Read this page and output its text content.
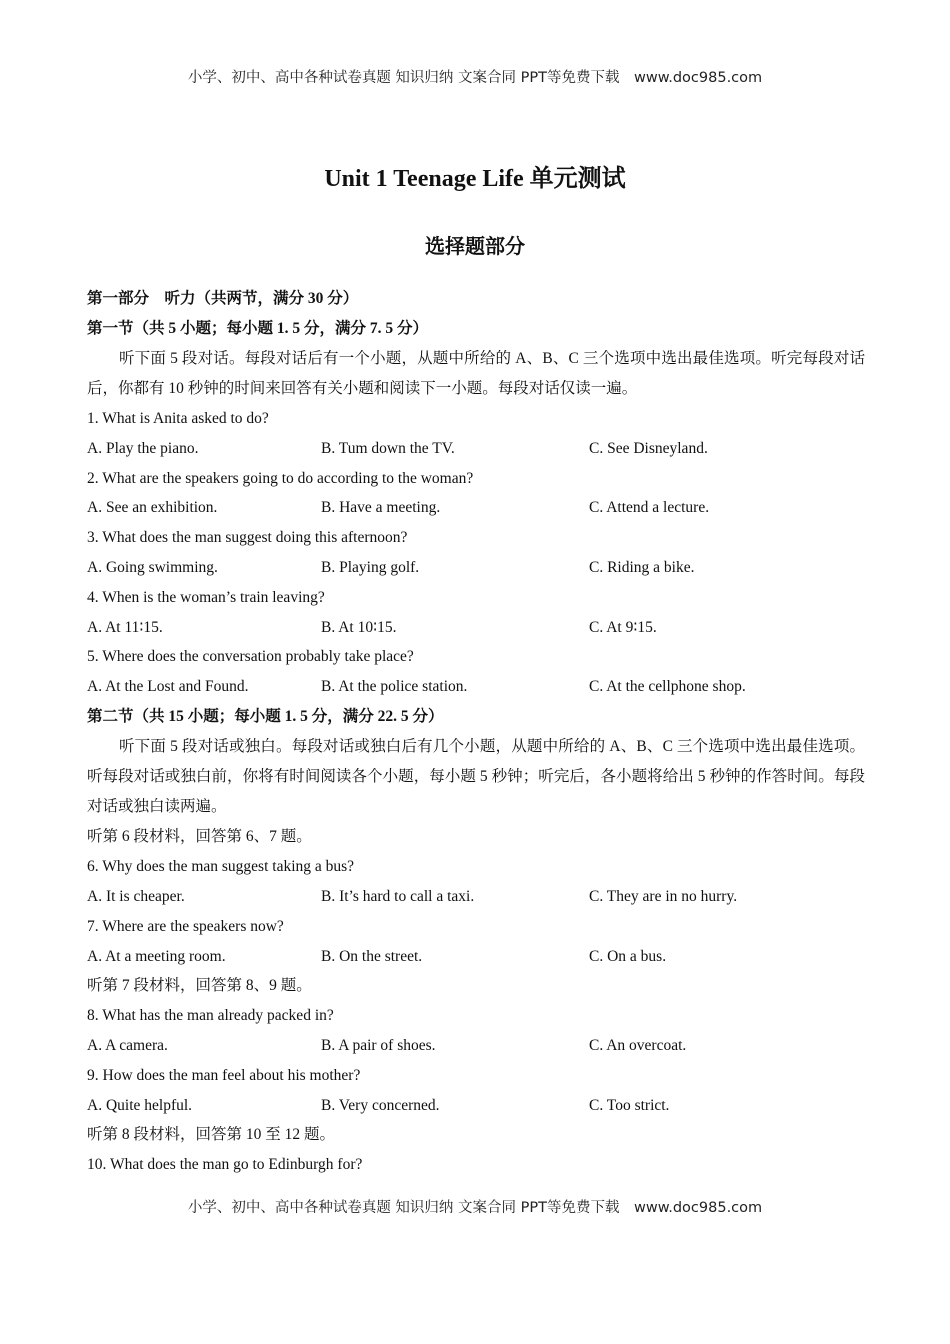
小学、初中、高中各种试卷真题 知识归纳 文案合同 PPT等免费下载　www.doc985.com
Unit 1 Teenage Life 单元测试
选择题部分
第一部分　听力（共两节，满分 30 分）
第一节（共 5 小题；每小题 1. 5 分，满分 7. 5 分）
听下面 5 段对话。每段对话后有一个小题，从题中所给的 A、B、C 三个选项中选出最佳选项。听完每段对话后，你都有 10 秒钟的时间来回答有关小题和阅读下一小题。每段对话仅读一遍。
1. What is Anita asked to do?
A. Play the piano.	B. Tum down the TV.	C. See Disneyland.
2. What are the speakers going to do according to the woman?
A. See an exhibition.	B. Have a meeting.	C. Attend a lecture.
3. What does the man suggest doing this afternoon?
A. Going swimming.	B. Playing golf.	C. Riding a bike.
4. When is the woman’s train leaving?
A. At 11∶15.	B. At 10∶15.	C. At 9∶15.
5. Where does the conversation probably take place?
A. At the Lost and Found.	B. At the police station.	C. At the cellphone shop.
第二节（共 15 小题；每小题 1. 5 分，满分 22. 5 分）
听下面 5 段对话或独白。每段对话或独白后有几个小题，从题中所给的 A、B、C 三个选项中选出最佳选项。听每段对话或独白前，你将有时间阅读各个小题，每小题 5 秒钟；听完后，各小题将给出 5 秒钟的作答时间。每段对话或独白读两遍。
听第 6 段材料，回答第 6、7 题。
6. Why does the man suggest taking a bus?
A. It is cheaper.	B. It’s hard to call a taxi.	C. They are in no hurry.
7. Where are the speakers now?
A. At a meeting room.	B. On the street.	C. On a bus.
听第 7 段材料，回答第 8、9 题。
8. What has the man already packed in?
A. A camera.	B. A pair of shoes.	C. An overcoat.
9. How does the man feel about his mother?
A. Quite helpful.	B. Very concerned.	C. Too strict.
听第 8 段材料，回答第 10 至 12 题。
10. What does the man go to Edinburgh for?
小学、初中、高中各种试卷真题 知识归纳 文案合同 PPT等免费下载　www.doc985.com
